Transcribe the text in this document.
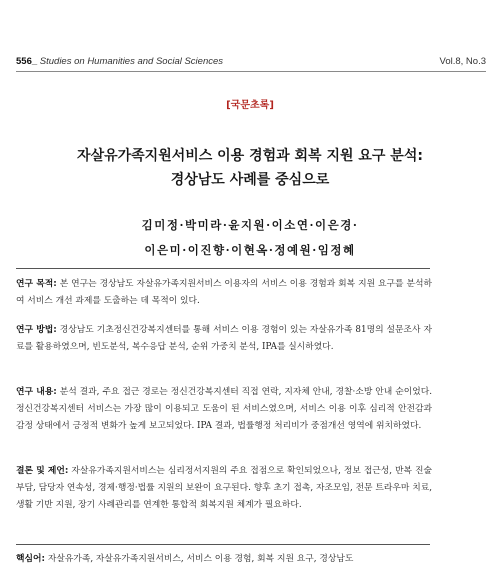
556_ Studies on Humanities and Social Sciences	Vol.8, No.3
[국문초록]
자살유가족지원서비스 이용 경험과 회복 지원 요구 분석:
경상남도 사례를 중심으로
김미정·박미라·윤지원·이소연·이은경·
이은미·이진향·이현옥·정예원·임정혜
연구 목적: 본 연구는 경상남도 자살유가족지원서비스 이용자의 서비스 이용 경험과 회복 지원 요구를 분석하여 서비스 개선 과제를 도출하는 데 목적이 있다.
연구 방법: 경상남도 기초정신건강복지센터를 통해 서비스 이용 경험이 있는 자살유가족 81명의 설문조사 자료를 활용하였으며, 빈도분석, 복수응답 분석, 순위 가중치 분석, IPA를 실시하였다.
연구 내용: 분석 결과, 주요 접근 경로는 정신건강복지센터 직접 연락, 지자체 안내, 경찰·소방 안내 순이었다. 정신건강복지센터 서비스는 가장 많이 이용되고 도움이 된 서비스였으며, 서비스 이용 이후 심리적 안전감과 감정 상태에서 긍정적 변화가 높게 보고되었다. IPA 결과, 법률행정 처리비가 중점개선 영역에 위치하였다.
결론 및 제언: 자살유가족지원서비스는 심리정서지원의 주요 접점으로 확인되었으나, 정보 접근성, 반복 진술 부담, 담당자 연속성, 경제·행정·법률 지원의 보완이 요구된다. 향후 초기 접촉, 자조모임, 전문 트라우마 치료, 생활 기반 지원, 장기 사례관리를 연계한 통합적 회복지원 체계가 필요하다.
핵심어: 자살유가족, 자살유가족지원서비스, 서비스 이용 경험, 회복 지원 요구, 경상남도
